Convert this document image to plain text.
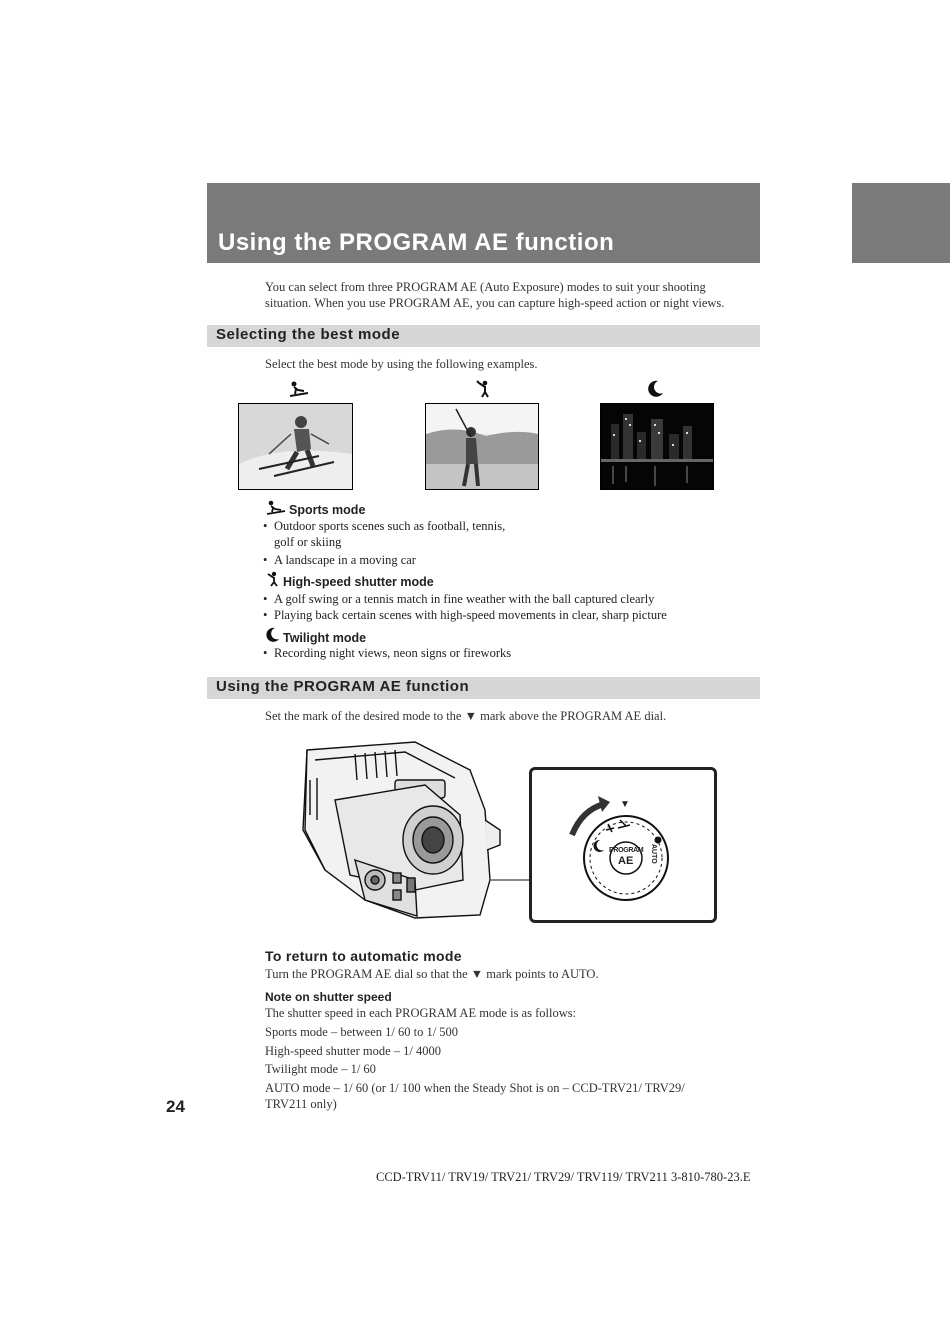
Using the PROGRAM AE function
You can select from three PROGRAM AE (Auto Exposure) modes to suit your shooting
situation. When you use PROGRAM AE, you can capture high-speed action or night views.
Selecting the best mode
Select the best mode by using the following examples.
Sports mode
• Outdoor sports scenes such as football, tennis,
golf or skiing
• A landscape in a moving car
High-speed shutter mode
• A golf swing or a tennis match in fine weather with the ball captured clearly
• Playing back certain scenes with high-speed movements in clear, sharp picture
Twilight mode
• Recording night views, neon signs or fireworks
Using the PROGRAM AE function
Set the mark of the desired mode to the ▼ mark above the PROGRAM AE dial.
PROGRAM
AE AUTO
▼
To return to automatic mode
Turn the PROGRAM AE dial so that the ▼ mark points to AUTO.
Note on shutter speed
The shutter speed in each PROGRAM AE mode is as follows:
Sports mode – between 1/ 60 to 1/ 500
High-speed shutter mode – 1/ 4000
Twilight mode – 1/ 60
AUTO mode – 1/ 60 (or 1/ 100 when the Steady Shot is on – CCD-TRV21/ TRV29/
TRV211 only)
24
CCD-TRV11/ TRV19/ TRV21/ TRV29/ TRV119/ TRV211 3-810-780-23.E
